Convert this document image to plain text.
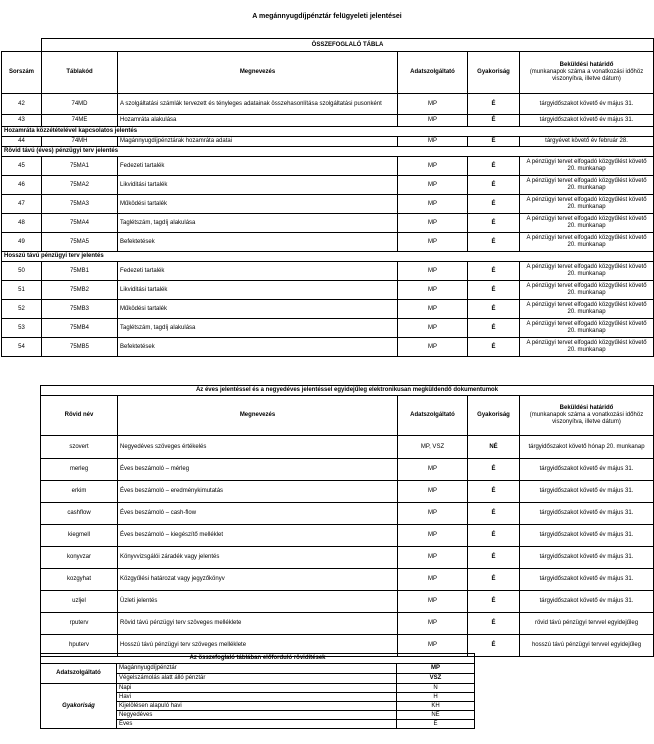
A megánnyugdíjpénztár felügyeleti jelentései
	ÖSSZEFOGLALÓ TÁBLA				
Sorszám	Táblakód	Megnevezés	Adatszolgáltató	Gyakoriság	Beküldési határidő
(munkanapok száma a vonatkozási időhöz viszonyítva, illetve dátum)
42	74MD	A szolgáltatási számlák tervezett és tényleges adatainak összehasonlítása szolgáltatási pusonként	MP	É	tárgyidőszakot követő év május 31.
43	74ME	Hozamráta alakulása	MP	É	tárgyidőszakot követő év május 31.
Hozamráta közzétételével kapcsolatos jelentés					
44	74MH	Magánnyugdíjpénztárak hozamráta adatai	MP	É	tárgyévet követő év február 28.
Rövid távú (éves) pénzügyi terv jelentés					
45	75MA1	Fedezeti tartalék	MP	É	A pénzügyi tervet elfogadó közgyűlést követő 20. munkanap
46	75MA2	Likviditási tartalék	MP	É	A pénzügyi tervet elfogadó közgyűlést követő 20. munkanap
47	75MA3	Működési tartalék	MP	É	A pénzügyi tervet elfogadó közgyűlést követő 20. munkanap
48	75MA4	Taglétszám, tagdíj alakulása	MP	É	A pénzügyi tervet elfogadó közgyűlést követő 20. munkanap
49	75MA5	Befektetések	MP	É	A pénzügyi tervet elfogadó közgyűlést követő 20. munkanap
Hosszú távú pénzügyi terv jelentés					
50	75MB1	Fedezeti tartalék	MP	É	A pénzügyi tervet elfogadó közgyűlést követő 20. munkanap
51	75MB2	Likviditási tartalék	MP	É	A pénzügyi tervet elfogadó közgyűlést követő 20. munkanap
52	75MB3	Működési tartalék	MP	É	A pénzügyi tervet elfogadó közgyűlést követő 20. munkanap
53	75MB4	Taglétszám, tagdíj alakulása	MP	É	A pénzügyi tervet elfogadó közgyűlést követő 20. munkanap
54	75MB5	Befektetések	MP	É	A pénzügyi tervet elfogadó közgyűlést követő 20. munkanap
Az éves jelentéssel és a negyedéves jelentéssel egyidejűleg elektronikusan megküldendő dokumentumok				
Rövid név	Megnevezés	Adatszolgáltató	Gyakoriság	Beküldési határidő
(munkanapok száma a vonatkozási időhöz viszonyítva, illetve dátum)
szovert	Negyedéves szöveges értékelés	MP, VSZ	NÉ	tárgyidőszakot követő hónap 20. munkanap
merleg	Éves beszámoló – mérleg	MP	É	tárgyidőszakot követő év május 31.
erkim	Éves beszámoló – eredménykimutatás	MP	É	tárgyidőszakot követő év május 31.
cashflow	Éves beszámoló – cash-flow	MP	É	tárgyidőszakot követő év május 31.
kiegmell	Éves beszámoló – kiegészítő melléklet	MP	É	tárgyidőszakot követő év május 31.
konyvzar	Könyvvizsgálói záradék vagy jelentés	MP	É	tárgyidőszakot követő év május 31.
kozgyhat	Közgyűlési határozat vagy jegyzőkönyv	MP	É	tárgyidőszakot követő év május 31.
uzljel	Üzleti jelentés	MP	É	tárgyidőszakot követő év május 31.
rputerv	Rövid távú pénzügyi terv szöveges melléklete	MP	É	rövid távú pénzügyi tervvel egyidejűleg
hputerv	Hosszú távú pénzügyi terv szöveges melléklete	MP	É	hosszú távú pénzügyi tervvel egyidejűleg
Az összefoglaló táblában előforduló rövidítések		
Adatszolgáltató	Magánnyugdíjpénztár	MP
	Végelszámolás alatt álló pénztár	VSZ
Gyakoriság	Napi	N
	Havi	H
	Kijelölésen alapuló havi	KH
	Negyedéves	NÉ
	Éves	É
